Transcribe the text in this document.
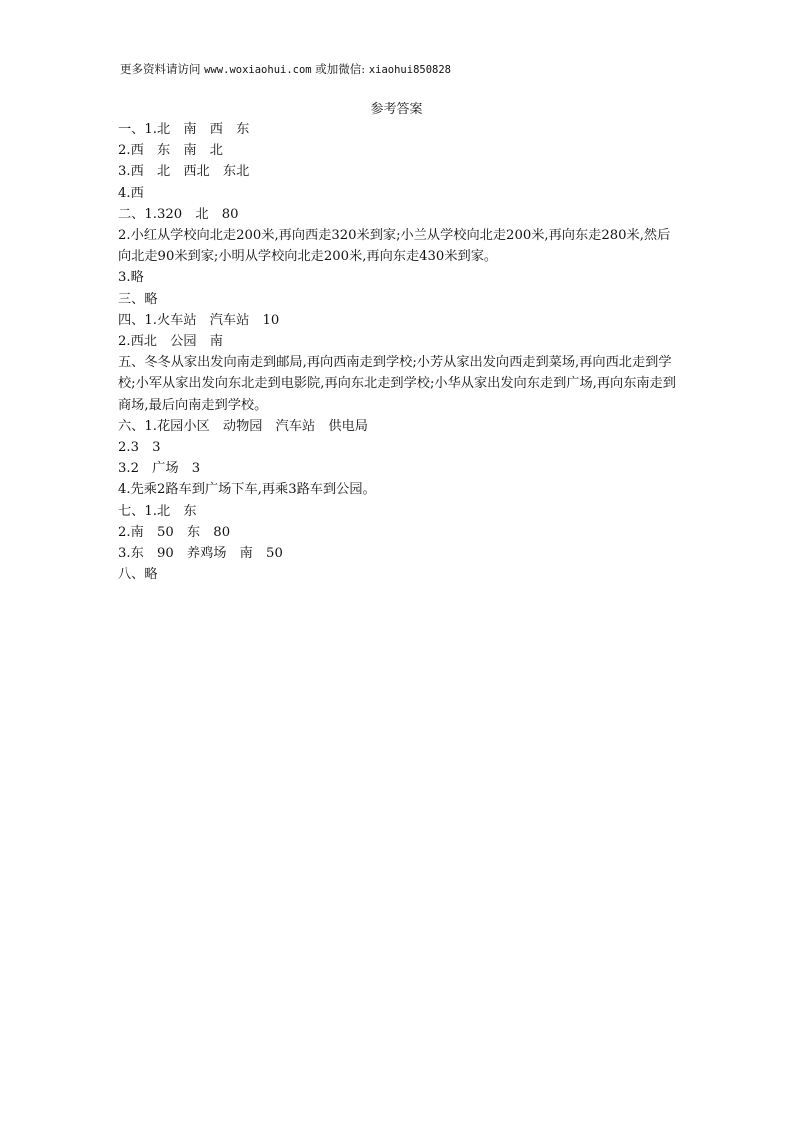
更多资料请访问 www.woxiaohui.com 或加微信: xiaohui850828
参考答案
一、1.北　南　西　东
2.西　东　南　北
3.西　北　西北　东北
4.西
二、1.320　北　80
2.小红从学校向北走200米,再向西走320米到家;小兰从学校向北走200米,再向东走280米,然后向北走90米到家;小明从学校向北走200米,再向东走430米到家。
3.略
三、略
四、1.火车站　汽车站　10
2.西北　公园　南
五、冬冬从家出发向南走到邮局,再向西南走到学校;小芳从家出发向西走到菜场,再向西北走到学校;小军从家出发向东北走到电影院,再向东北走到学校;小华从家出发向东走到广场,再向东南走到商场,最后向南走到学校。
六、1.花园小区　动物园　汽车站　供电局
2.3　3
3.2　广场　3
4.先乘2路车到广场下车,再乘3路车到公园。
七、1.北　东
2.南　50　东　80
3.东　90　养鸡场　南　50
八、略
